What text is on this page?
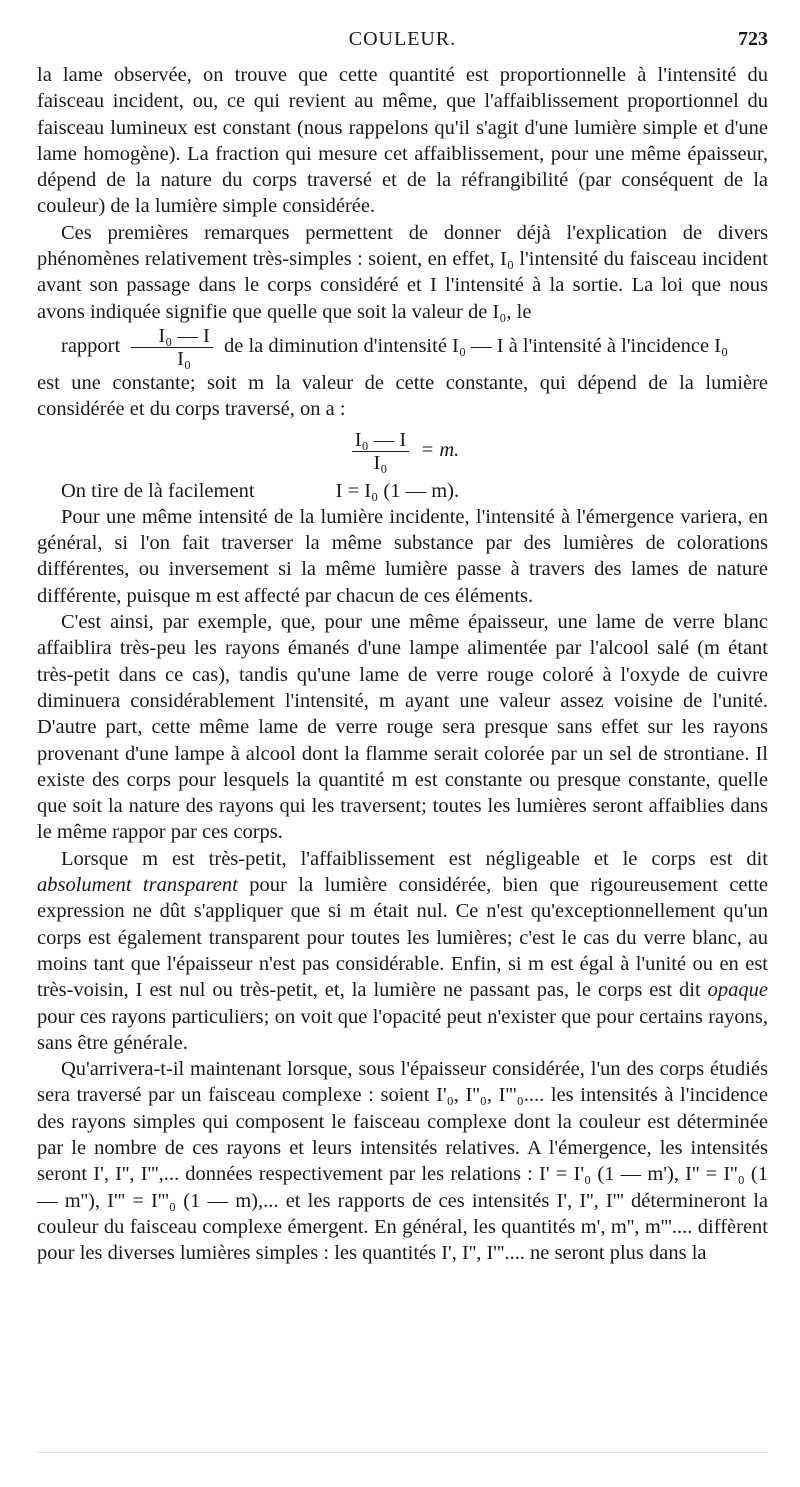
COULEUR.	723

la lame observée, on trouve que cette quantité est proportionnelle à l'intensité du faisceau incident, ou, ce qui revient au même, que l'affaiblissement proportionnel du faisceau lumineux est constant (nous rappelons qu'il s'agit d'une lumière simple et d'une lame homogène). La fraction qui mesure cet affaiblissement, pour une même épaisseur, dépend de la nature du corps traversé et de la réfrangibilité (par conséquent de la couleur) de la lumière simple considérée.

Ces premières remarques permettent de donner déjà l'explication de divers phénomènes relativement très-simples : soient, en effet, I₀ l'intensité du faisceau incident avant son passage dans le corps considéré et I l'intensité à la sortie. La loi que nous avons indiquée signifie que quelle que soit la valeur de I₀, le

rapport $\frac{\text{I₀ — I}}{\text{I₀}}$ de la diminution d'intensité I₀ — I à l'intensité à l'incidence I₀

est une constante; soit m la valeur de cette constante, qui dépend de la lumière considérée et du corps traversé, on a :

$\frac{\text{I₀ — I}}{\text{I₀}} = m$.

On tire de là facilement	I = I₀ (1 — m).

Pour une même intensité de la lumière incidente, l'intensité à l'émergence variera, en général, si l'on fait traverser la même substance par des lumières de colorations différentes, ou inversement si la même lumière passe à travers des lames de nature différente, puisque m est affecté par chacun de ces éléments.

C'est ainsi, par exemple, que, pour une même épaisseur, une lame de verre blanc affaiblira très-peu les rayons émanés d'une lampe alimentée par l'alcool salé (m étant très-petit dans ce cas), tandis qu'une lame de verre rouge coloré à l'oxyde de cuivre diminuera considérablement l'intensité, m ayant une valeur assez voisine de l'unité. D'autre part, cette même lame de verre rouge sera presque sans effet sur les rayons provenant d'une lampe à alcool dont la flamme serait colorée par un sel de strontiane. Il existe des corps pour lesquels la quantité m est constante ou presque constante, quelle que soit la nature des rayons qui les traversent; toutes les lumières seront affaiblies dans le même rappor par ces corps.

Lorsque m est très-petit, l'affaiblissement est négligeable et le corps est dit absolument transparent pour la lumière considérée, bien que rigoureusement cette expression ne dût s'appliquer que si m était nul. Ce n'est qu'exceptionnellement qu'un corps est également transparent pour toutes les lumières; c'est le cas du verre blanc, au moins tant que l'épaisseur n'est pas considérable. Enfin, si m est égal à l'unité ou en est très-voisin, I est nul ou très-petit, et, la lumière ne passant pas, le corps est dit opaque pour ces rayons particuliers; on voit que l'opacité peut n'exister que pour certains rayons, sans être générale.

Qu'arrivera-t-il maintenant lorsque, sous l'épaisseur considérée, l'un des corps étudiés sera traversé par un faisceau complexe : soient I'₀, I''₀, I'''₀.... les intensités à l'incidence des rayons simples qui composent le faisceau complexe dont la couleur est déterminée par le nombre de ces rayons et leurs intensités relatives. A l'émergence, les intensités seront I', I'', I''',... données respectivement par les relations : I' = I'₀ (1 — m'), I'' = I''₀ (1 — m''), I''' = I'''₀ (1 — m),... et les rapports de ces intensités I', I'', I''' détermineront la couleur du faisceau complexe émergent. En général, les quantités m', m'', m'''.... diffèrent pour les diverses lumières simples : les quantités I', I'', I'''.... ne seront plus dans la
